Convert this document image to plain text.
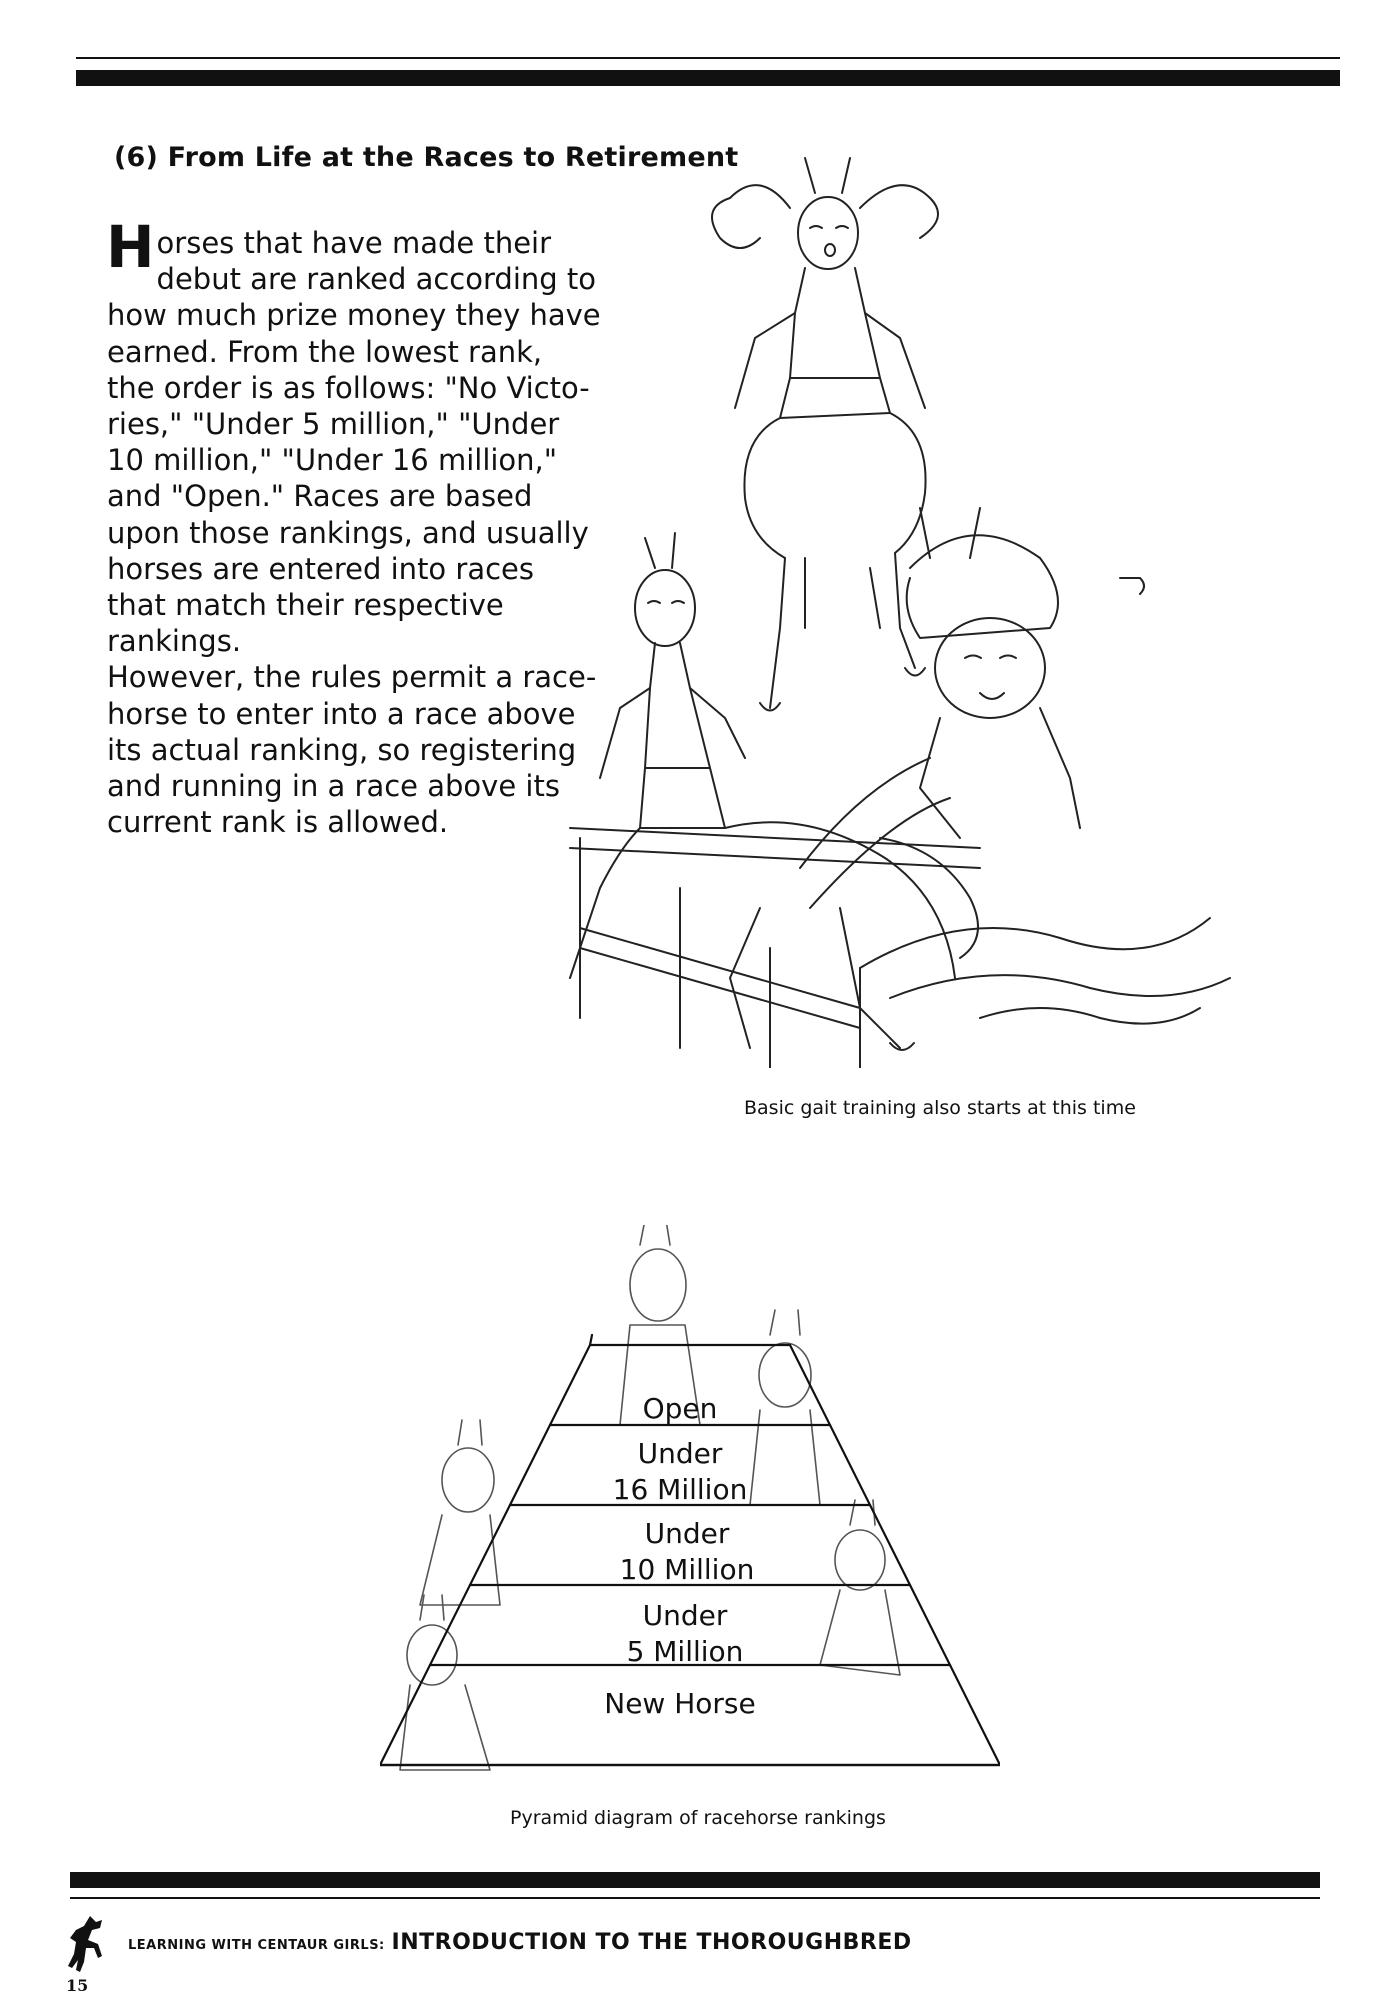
(6) From Life at the Races to Retirement
H orses that have made their
debut are ranked according to
how much prize money they have
earned. From the lowest rank,
the order is as follows: "No Victo-
ries," "Under 5 million," "Under
10 million," "Under 16 million,"
and "Open." Races are based
upon those rankings, and usually
horses are entered into races
that match their respective
rankings.
However, the rules permit a race-
horse to enter into a race above
its actual ranking, so registering
and running in a race above its
current rank is allowed.

Basic gait training also starts at this time

Open
Under
16 Million
Under
10 Million
Under
5 Million
New Horse

Pyramid diagram of racehorse rankings

LEARNING WITH CENTAUR GIRLS: INTRODUCTION TO THE THOROUGHBRED

15
